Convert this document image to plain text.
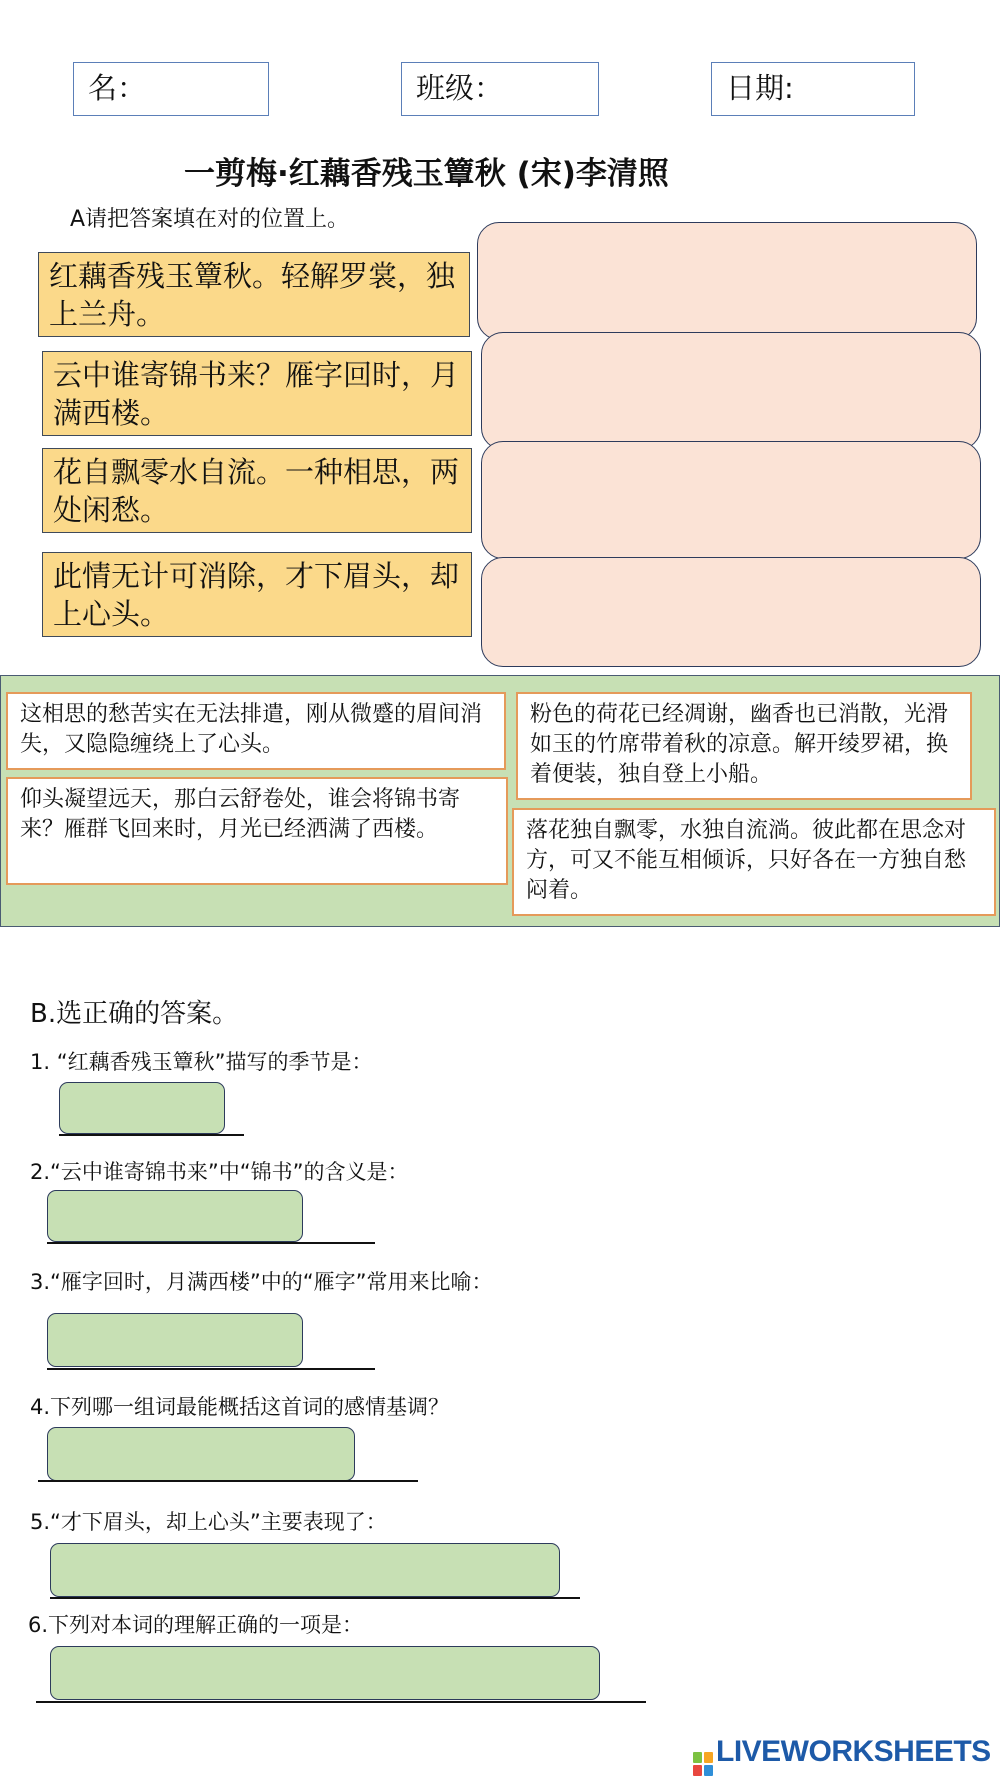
名：	班级：	日期:
一剪梅·红藕香残玉簟秋 (宋)李清照
A请把答案填在对的位置上。
红藕香残玉簟秋。轻解罗裳，独上兰舟。
云中谁寄锦书来？雁字回时，月满西楼。
花自飘零水自流。一种相思，两处闲愁。
此情无计可消除，才下眉头，却上心头。
这相思的愁苦实在无法排遣，刚从微蹙的眉间消失，又隐隐缠绕上了心头。
粉色的荷花已经凋谢，幽香也已消散，光滑如玉的竹席带着秋的凉意。解开绫罗裙，换着便装，独自登上小船。
仰头凝望远天，那白云舒卷处，谁会将锦书寄来？雁群飞回来时，月光已经洒满了西楼。	落花独自飘零，水独自流淌。彼此都在思念对方，可又不能互相倾诉，只好各在一方独自愁闷着。
B.选正确的答案。
1. “红藕香残玉簟秋”描写的季节是：
2.“云中谁寄锦书来”中“锦书”的含义是：
3.“雁字回时，月满西楼”中的“雁字”常用来比喻：
4.下列哪一组词最能概括这首词的感情基调？
5.“才下眉头，却上心头”主要表现了：
6.下列对本词的理解正确的一项是：
LIVEWORKSHEETS
